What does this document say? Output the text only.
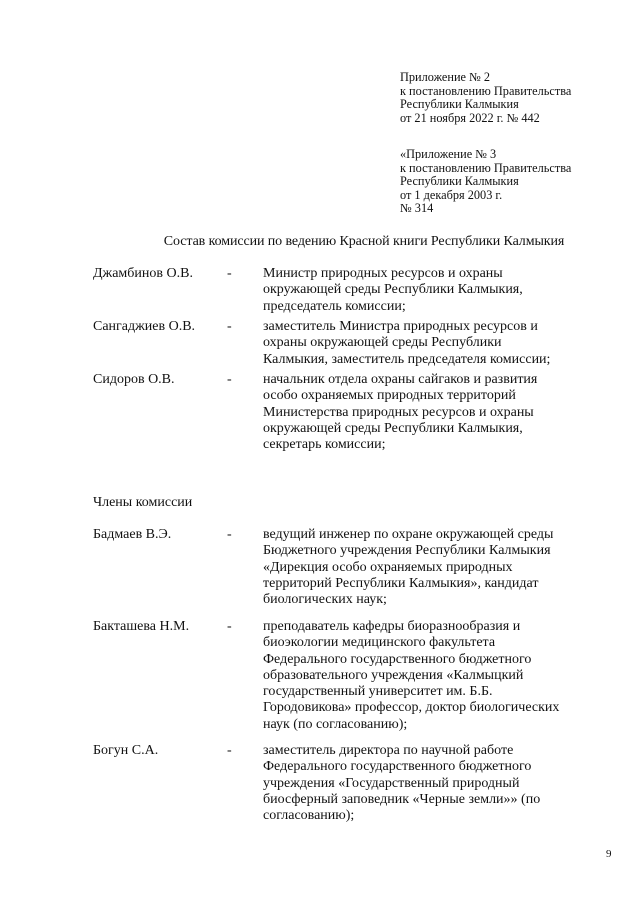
Приложение № 2
к постановлению Правительства
Республики Калмыкия
от 21 ноября 2022 г. № 442
«Приложение № 3
к постановлению Правительства
Республики Калмыкия
от 1 декабря 2003 г.
№ 314
Состав комиссии по ведению Красной книги Республики Калмыкия
Джамбинов О.В. - Министр природных ресурсов и охраны
окружающей среды Республики Калмыкия,
председатель комиссии;
Сангаджиев О.В. - заместитель Министра природных ресурсов и
охраны окружающей среды Республики
Калмыкия, заместитель председателя комиссии;
Сидоров О.В.	- начальник отдела охраны сайгаков и развития
особо охраняемых природных территорий
Министерства природных ресурсов и охраны
окружающей среды Республики Калмыкия,
секретарь комиссии;
Члены комиссии
Бадмаев В.Э.	- ведущий инженер по охране окружающей среды
Бюджетного учреждения Республики Калмыкия
«Дирекция особо охраняемых природных
территорий Республики Калмыкия», кандидат
биологических наук;
Бакташева Н.М.	- преподаватель кафедры биоразнообразия и
биоэкологии медицинского факультета
Федерального государственного бюджетного
образовательного учреждения «Калмыцкий
государственный университет им. Б.Б.
Городовикова» профессор, доктор биологических
наук (по согласованию);
Богун С.А.	- заместитель директора по научной работе
Федерального государственного бюджетного
учреждения «Государственный природный
биосферный заповедник «Черные земли»» (по
согласованию);
9
